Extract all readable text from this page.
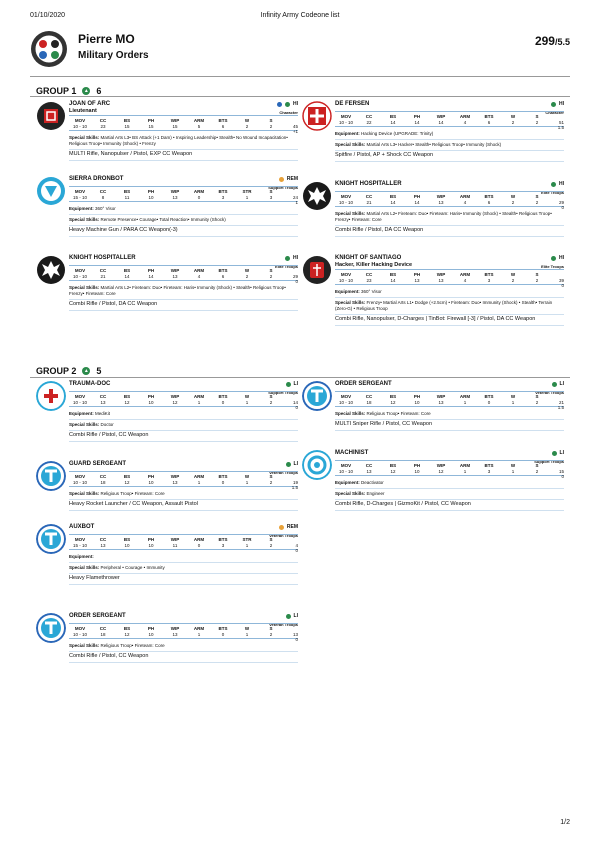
01/10/2020	Infinity Army Codeone list
Pierre MO
Military Orders
299/5.5
GROUP 1	▲ 6
GROUP 2	▲ 5
JOAN OF ARC
Lieutenant
HI
Character
MOV	CC	BS	PH	WIP	ARM	BTS	W	S
10 - 10	23	15	15	15	5	6	2	2	45
+1
Special Skills: Martial Arts L3• BS Attack (+1 Dam) • Inspiring Leadership• Stealth• No Wound Incapacitation• Religious Troop• Immunity (Shock) • Frenzy
MULTI Rifle, Nanopulser / Pistol, EXP CC Weapon
DE FERSEN	HI
Character
MOV	CC	BS	PH	WIP	ARM	BTS	W	S
10 - 10	22	14	14	14	4	6	2	2	51
1.5
Equipment: Hacking Device (UPGRADE: Trinity)
Special Skills: Martial Arts L3• Hacker• Stealth• Religious Troop• Immunity (Shock)
Spitfire / Pistol, AP + Shock CC Weapon
SIERRA DRONBOT	REM
Support Troops
MOV	CC	BS	PH	WIP	ARM	BTS	STR	S
15 - 10	8	11	10	13	0	3	1	3	24
1
Equipment: 360° Visor
Special Skills: Remote Presence• Courage• Total Reaction• Immunity (Shock)
Heavy Machine Gun / PARA CC Weapon(-3)
KNIGHT HOSPITALLER	HI
Elite Troops
MOV	CC	BS	PH	WIP	ARM	BTS	W	S
10 - 10	21	14	14	13	4	6	2	2	29
0
Special Skills: Martial Arts L2• Fireteam: Duo• Fireteam: Haris• Immunity (Shock) • Stealth• Religious Troop• Frenzy• Fireteam: Core
Combi Rifle / Pistol, DA CC Weapon
KNIGHT HOSPITALLER	HI
Elite Troops
MOV	CC	BS	PH	WIP	ARM	BTS	W	S
10 - 10	21	14	14	13	4	6	2	2	29
0
Special Skills: Martial Arts L2• Fireteam: Duo• Fireteam: Haris• Immunity (Shock) • Stealth• Religious Troop• Frenzy• Fireteam: Core
Combi Rifle / Pistol, DA CC Weapon
KNIGHT OF SANTIAGO
Hacker, Killer Hacking Device
HI
Elite Troops
MOV	CC	BS	PH	WIP	ARM	BTS	W	S
10 - 10	23	14	13	13	4	3	2	2	39
0
Equipment: 360° Visor
Special Skills: Frenzy• Martial Arts L1• Dodge (+2.5cm) • Fireteam: Duo• Immunity (Shock) • Stealth• Terrain (Zero-G) • Religious Troop
Combi Rifle, Nanopulser, D-Charges | TinBot: Firewall [-3] / Pistol, DA CC Weapon
TRAUMA-DOC	LI
Support Troops
MOV	CC	BS	PH	WIP	ARM	BTS	W	S
10 - 10	13	12	10	12	1	0	1	2	14
0
Equipment: MediKit
Special Skills: Doctor
Combi Rifle / Pistol, CC Weapon
ORDER SERGEANT	LI
Veteran Troops
MOV	CC	BS	PH	WIP	ARM	BTS	W	S
10 - 10	18	12	10	13	1	0	1	2	21
1.5
Special Skills: Religious Troop• Fireteam: Core
MULTI Sniper Rifle / Pistol, CC Weapon
GUARD SERGEANT	LI
Veteran Troops
MOV	CC	BS	PH	WIP	ARM	BTS	W	S
10 - 10	18	12	10	13	1	0	1	2	19
1.5
Special Skills: Religious Troop• Fireteam: Core
Heavy Rocket Launcher / CC Weapon, Assault Pistol
MACHINIST	LI
Support Troops
MOV	CC	BS	PH	WIP	ARM	BTS	W	S
10 - 10	13	12	10	12	1	3	1	2	15
0
Equipment: Deactivator
Special Skills: Engineer
Combi Rifle, D-Charges | GizmoKit / Pistol, CC Weapon
AUXBOT	REM
Veteran Troops
MOV	CC	BS	PH	WIP	ARM	BTS	STR	S
15 - 10	13	10	10	11	0	3	1	2	4
0
Equipment:
Special Skills: Peripheral • Courage • Immunity
Heavy Flamethrower
ORDER SERGEANT	LI
Veteran Troops
MOV	CC	BS	PH	WIP	ARM	BTS	W	S
10 - 10	18	12	10	13	1	0	1	2	13
0
Special Skills: Religious Troop• Fireteam: Core
Combi Rifle / Pistol, CC Weapon
1/2
